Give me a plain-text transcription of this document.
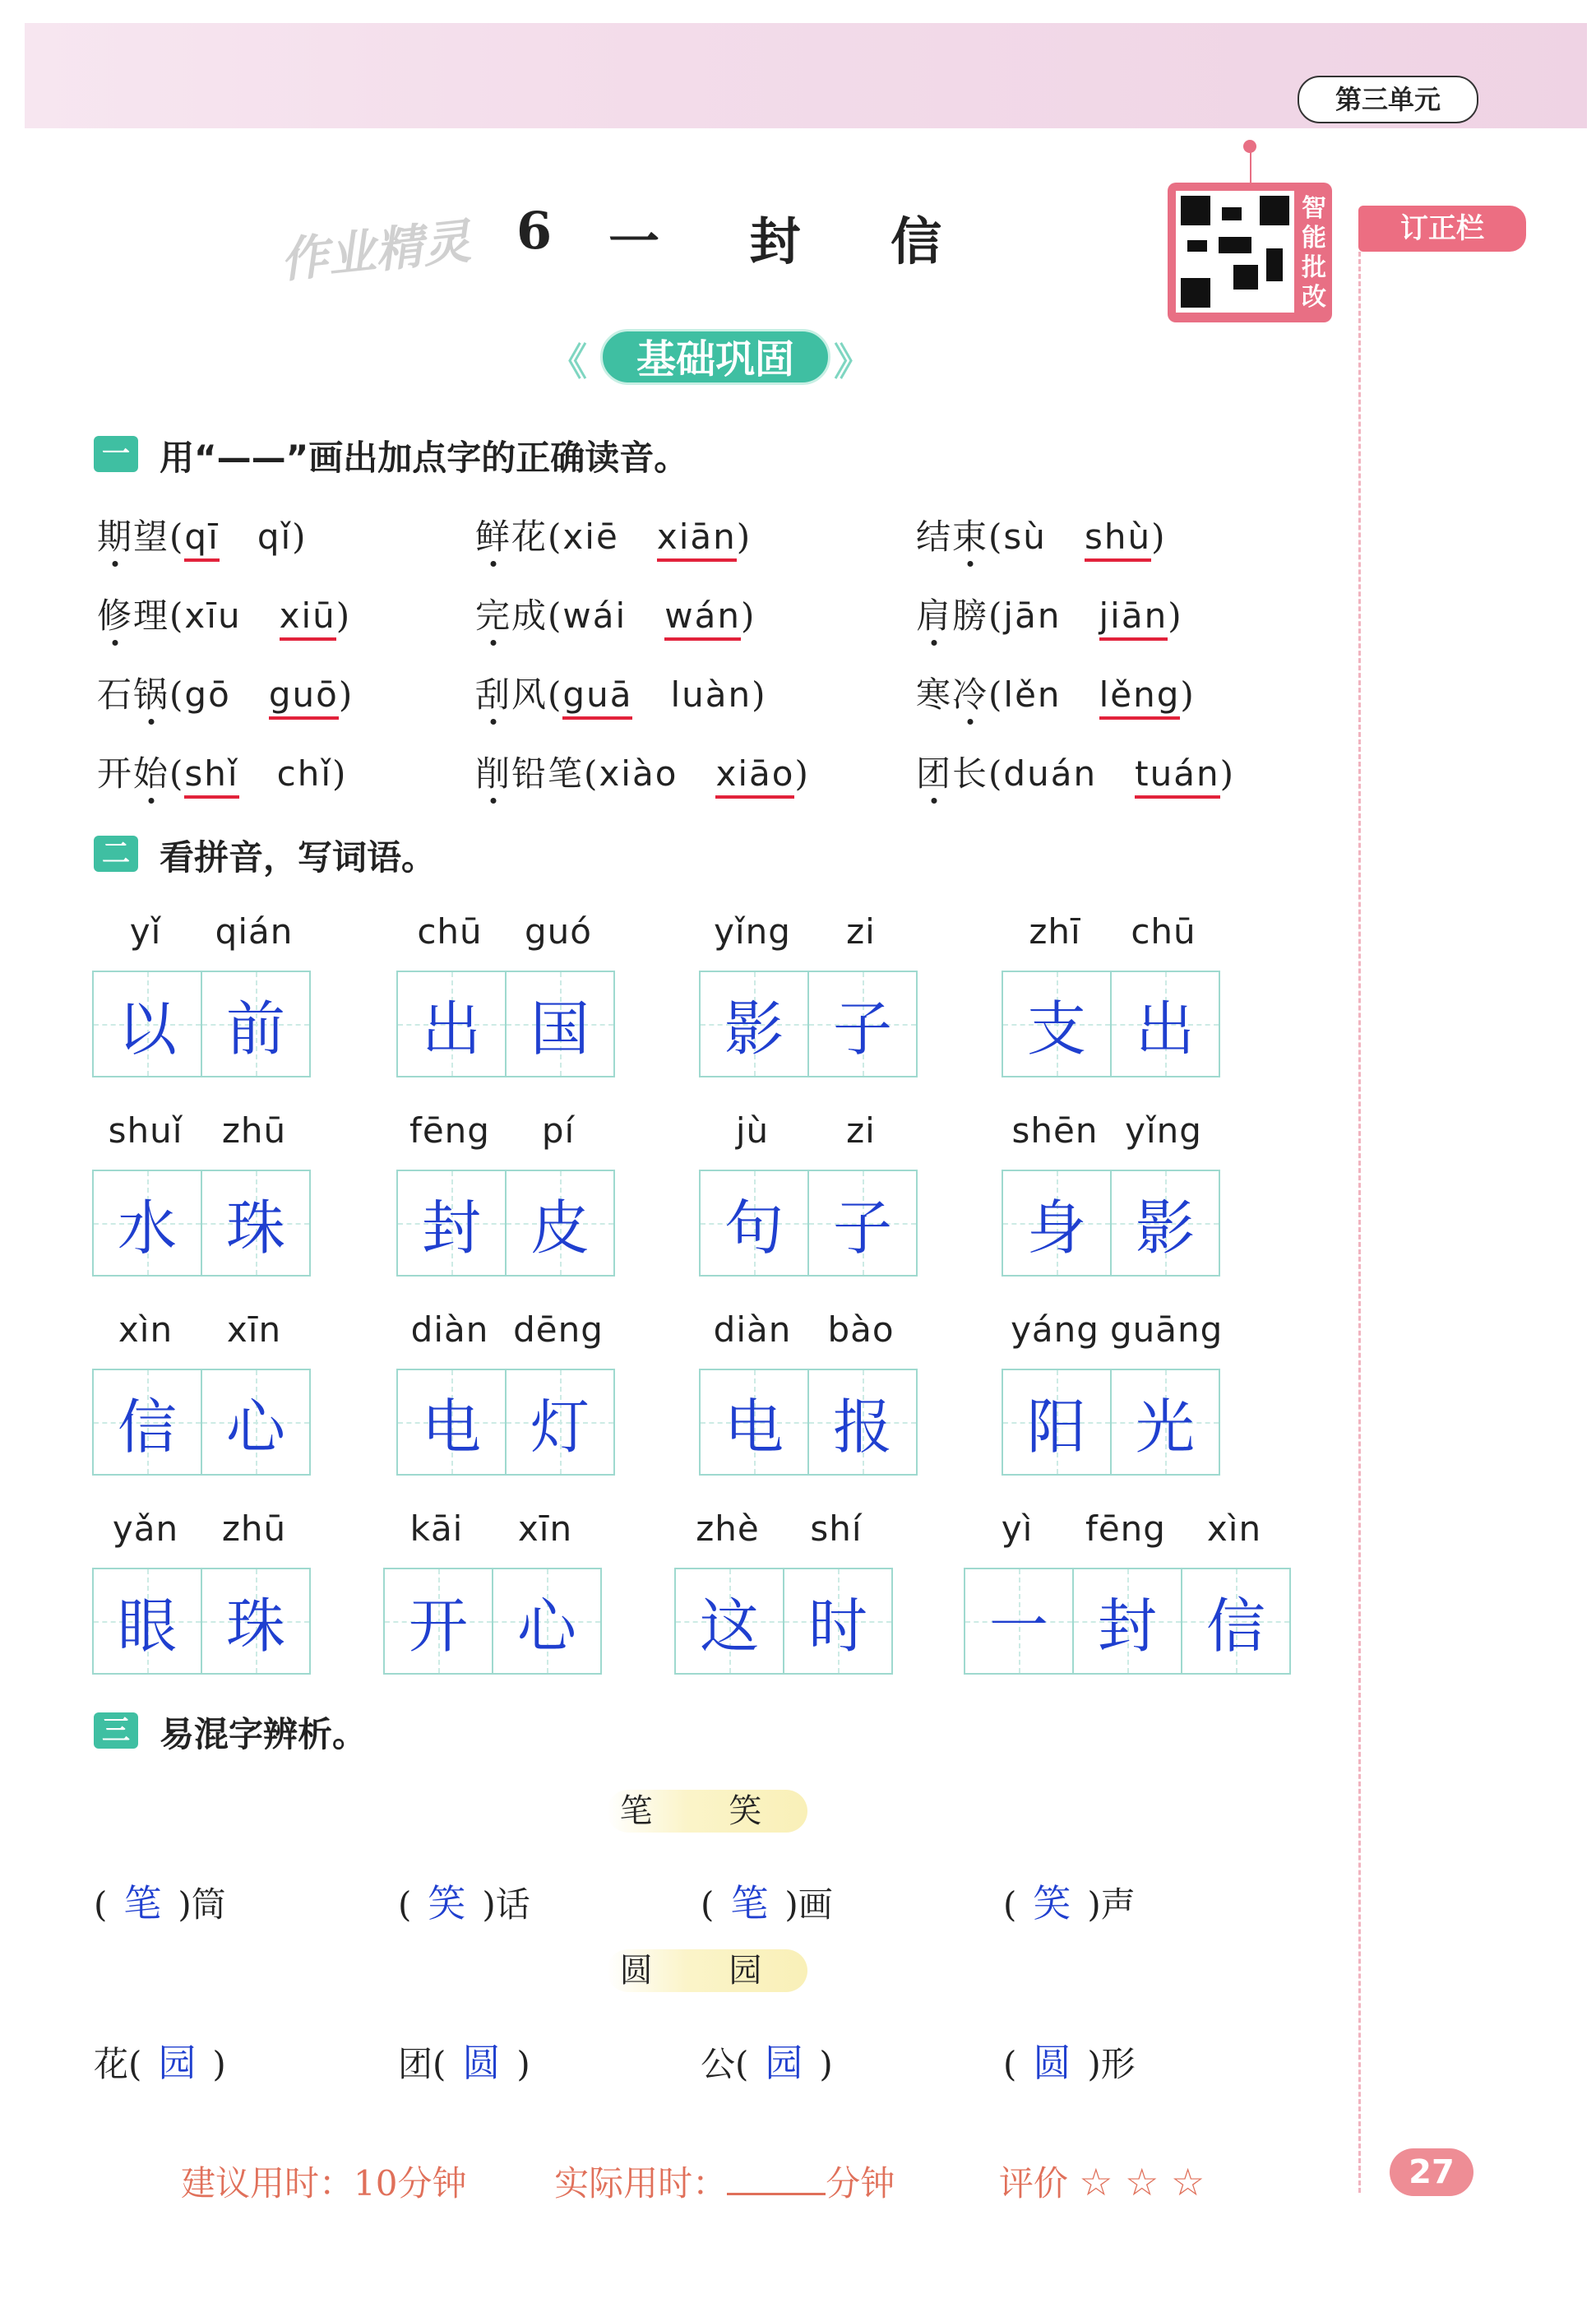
第三单元
作业精灵 6 一 封 信
智能批改
订正栏
《	基础巩固	》
一 用“——”画出加点字的正确读音。
期望(qī qǐ)	鲜花(xiē xiān)	结束(sù shù)
修理(xīu xiū)	完成(wái wán)	肩膀(jān jiān)
石锅(gō guō)	刮风(guā luàn)	寒冷(lěn lěng)
开始(shǐ chǐ)	削铅笔(xiào xiāo)	团长(duán tuán)
二 看拼音，写词语。
yǐ	qián
以 前
chū	guó
出 国
yǐng	zi
影 子
zhī	chū
支 出
shuǐ	zhū
水 珠
fēng	pí
封 皮
jù	zi
句 子
shēn yǐng
身 影
xìn	xīn
信 心
diàn dēng
电 灯
diàn	bào
电 报
yáng guāng
阳 光
yǎn	zhū
眼 珠
kāi	xīn
开 心
zhè	shí
这 时
yì	fēng	xìn
一 封 信
三 易混字辨析。
笔 笑
圆 园
( 笔 )筒	( 笑 )话	( 笔 )画	( 笑 )声
花( 园 )	团( 圆 )	公( 园 )	( 圆 )形
建议用时：10分钟	实际用时：	分钟	评价 ☆ ☆ ☆	27
